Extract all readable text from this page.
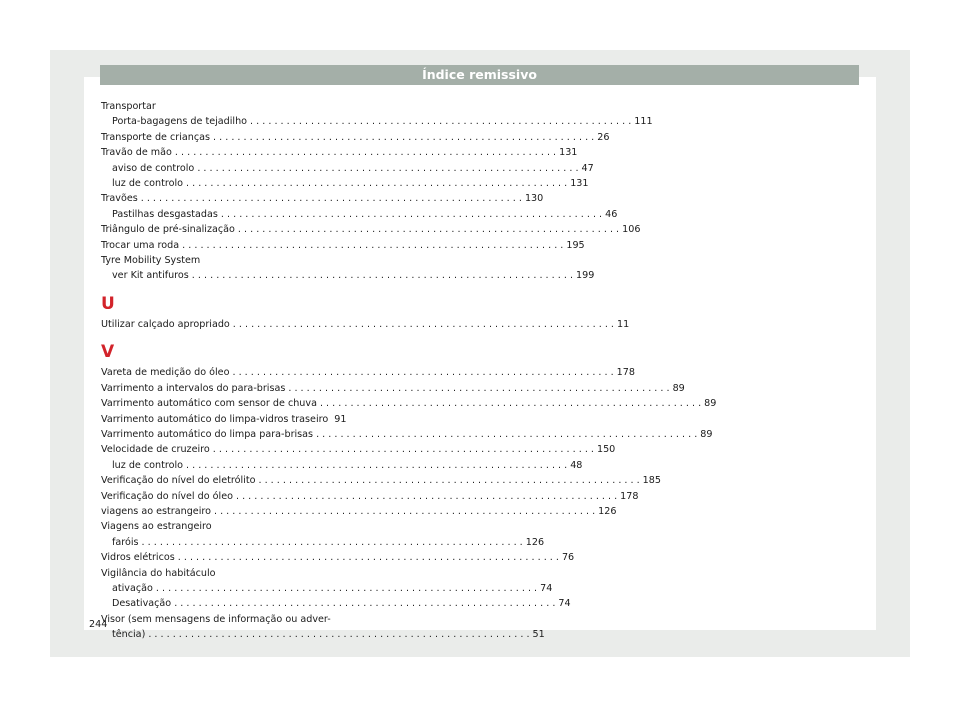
Índice remissivo
Transportar
Porta-bagagens de tejadilho . . .	111
Transporte de crianças . . .	26
Travão de mão . . .	131
aviso de controlo . . .	47
luz de controlo . . .	131
Travões . . .	130
Pastilhas desgastadas . . .	46
Triângulo de pré-sinalização . . .	106
Trocar uma roda . . .	195
Tyre Mobility System
ver Kit antifuros . . .	199
U
Utilizar calçado apropriado . . .	11
V
Vareta de medição do óleo . . .	178
Varrimento a intervalos do para-brisas . . .	89
Varrimento automático com sensor de chuva . . .	89
Varrimento automático do limpa-vidros traseiro 91
Varrimento automático do limpa para-brisas . . .	89
Velocidade de cruzeiro . . .	150
luz de controlo . . .	48
Verificação do nível do eletrólito . . .	185
Verificação do nível do óleo . . .	178
viagens ao estrangeiro . . .	126
Viagens ao estrangeiro
faróis . . .	126
Vidros elétricos . . .	76
Vigilância do habitáculo
ativação . . .	74
Desativação . . .	74
Visor (sem mensagens de informação ou adver-
tência) . . .	51
244
